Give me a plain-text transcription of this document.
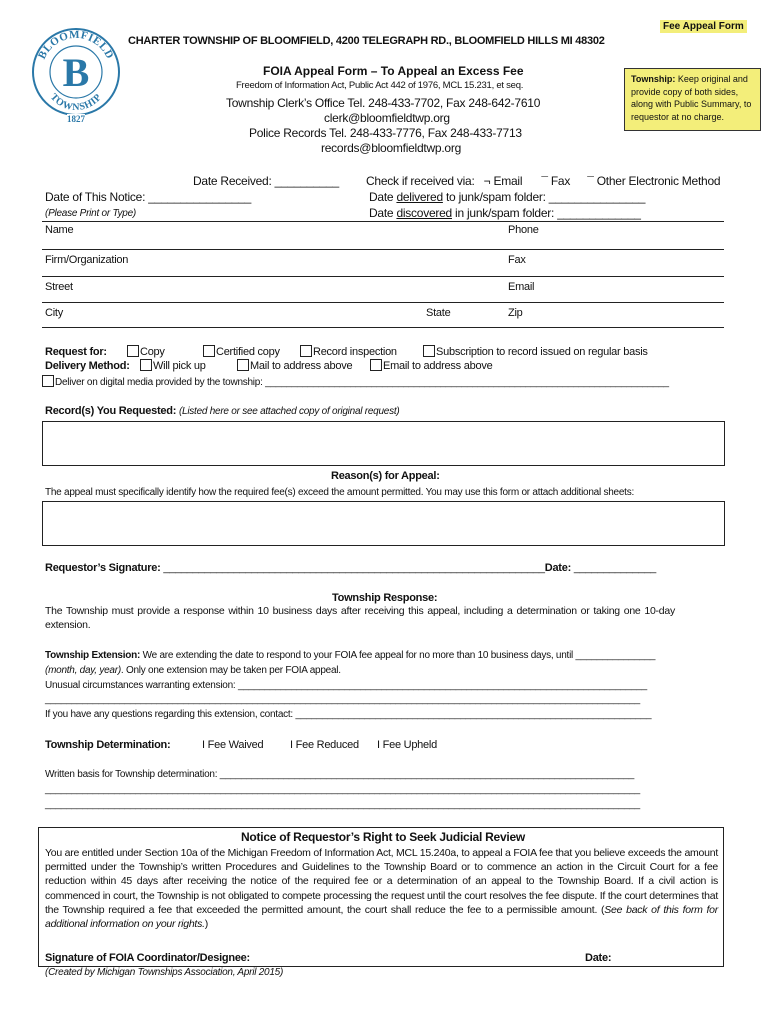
Fee Appeal Form
BLOOMFIELD
TOWNSHIP
B
1827
CHARTER TOWNSHIP OF BLOOMFIELD, 4200 TELEGRAPH RD., BLOOMFIELD HILLS MI 48302
FOIA Appeal Form – To Appeal an Excess Fee
Freedom of Information Act, Public Act 442 of 1976, MCL 15.231, et seq.
Township Clerk’s Office Tel. 248-433-7702, Fax 248-642-7610
clerk@bloomfieldtwp.org
Police Records Tel. 248-433-7776, Fax 248-433-7713
records@bloomfieldtwp.org
Township: Keep original and provide copy of both sides, along with Public Summary, to requestor at no charge.
Date Received: __________ Check if received via: ¬ Email ¯ Fax ¯ Other Electronic Method
Date delivered to junk/spam folder: _______________
Date discovered in junk/spam folder: _____________
Date of This Notice: ________________
(Please Print or Type)
Name	Phone
Firm/Organization	Fax
Street	Email
City	State	Zip
Request for:	Copy	Certified copy	Record inspection	Subscription to record issued on regular basis
Delivery Method:	Will pick up	Mail to address above	Email to address above
Deliver on digital media provided by the township: ____________________________________________________________________________
Record(s) You Requested: (Listed here or see attached copy of original request)
Reason(s) for Appeal:
The appeal must specifically identify how the required fee(s) exceed the amount permitted. You may use this form or attach additional sheets:
Requestor’s Signature: _________________________________________________________________Date: ______________
Township Response:
The Township must provide a response within 10 business days after receiving this appeal, including a determination or taking one 10-day extension.
Township Extension: We are extending the date to respond to your FOIA fee appeal for no more than 10 business days, until _______________
(month, day, year). Only one extension may be taken per FOIA appeal.
Unusual circumstances warranting extension: _____________________________________________________________________________
________________________________________________________________________________________________________________
If you have any questions regarding this extension, contact: ___________________________________________________________________
Township Determination:	I Fee Waived I Fee Reduced I Fee Upheld
Written basis for Township determination: ______________________________________________________________________________
________________________________________________________________________________________________________________
________________________________________________________________________________________________________________
Notice of Requestor’s Right to Seek Judicial Review
You are entitled under Section 10a of the Michigan Freedom of Information Act, MCL 15.240a, to appeal a FOIA fee that you believe exceeds the amount permitted under the Township’s written Procedures and Guidelines to the Township Board or to commence an action in the Circuit Court for a fee reduction within 45 days after receiving the notice of the required fee or a determination of an appeal to the Township Board. If a civil action is commenced in court, the Township is not obligated to compete processing the request until the court resolves the fee dispute. If the court determines that the Township required a fee that exceeded the permitted amount, the court shall reduce the fee to a permissible amount. (See back of this form for additional information on your rights.)
Signature of FOIA Coordinator/Designee:	Date:
(Created by Michigan Townships Association, April 2015)
